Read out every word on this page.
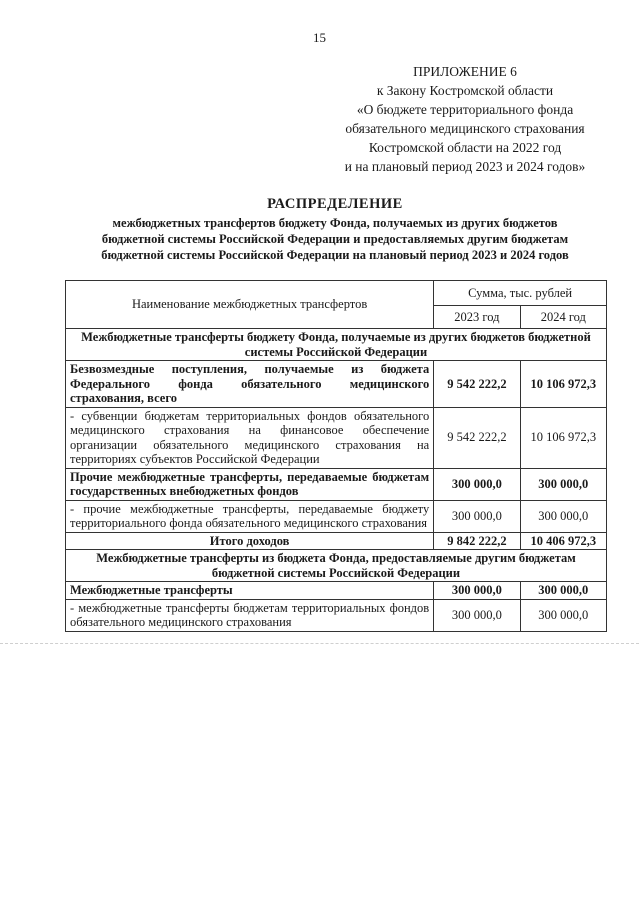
15
ПРИЛОЖЕНИЕ 6
к Закону Костромской области
«О бюджете территориального фонда
обязательного медицинского страхования
Костромской области на 2022 год
и на плановый период 2023 и 2024 годов»
РАСПРЕДЕЛЕНИЕ
межбюджетных трансфертов бюджету Фонда, получаемых из других бюджетов
бюджетной системы Российской Федерации и предоставляемых другим бюджетам
бюджетной системы Российской Федерации на плановый период 2023 и 2024 годов
Наименование межбюджетных трансфертов	Сумма, тыс. рублей	
	2023 год	2024 год
Межбюджетные трансферты бюджету Фонда, получаемые из других бюджетов бюджетной системы Российской Федерации		
Безвозмездные поступления, получаемые из бюджета Федерального фонда обязательного медицинского страхования, всего	9 542 222,2	10 106 972,3
- субвенции бюджетам территориальных фондов обязательного медицинского страхования на финансовое обеспечение организации обязательного медицинского страхования на территориях субъектов Российской Федерации	9 542 222,2	10 106 972,3
Прочие межбюджетные трансферты, передаваемые бюджетам государственных внебюджетных фондов	300 000,0	300 000,0
- прочие межбюджетные трансферты, передаваемые бюджету территориального фонда обязательного медицинского страхования	300 000,0	300 000,0
Итого доходов	9 842 222,2	10 406 972,3
Межбюджетные трансферты из бюджета Фонда, предоставляемые другим бюджетам бюджетной системы Российской Федерации		
Межбюджетные трансферты	300 000,0	300 000,0
- межбюджетные трансферты бюджетам территориальных фондов обязательного медицинского страхования	300 000,0	300 000,0
